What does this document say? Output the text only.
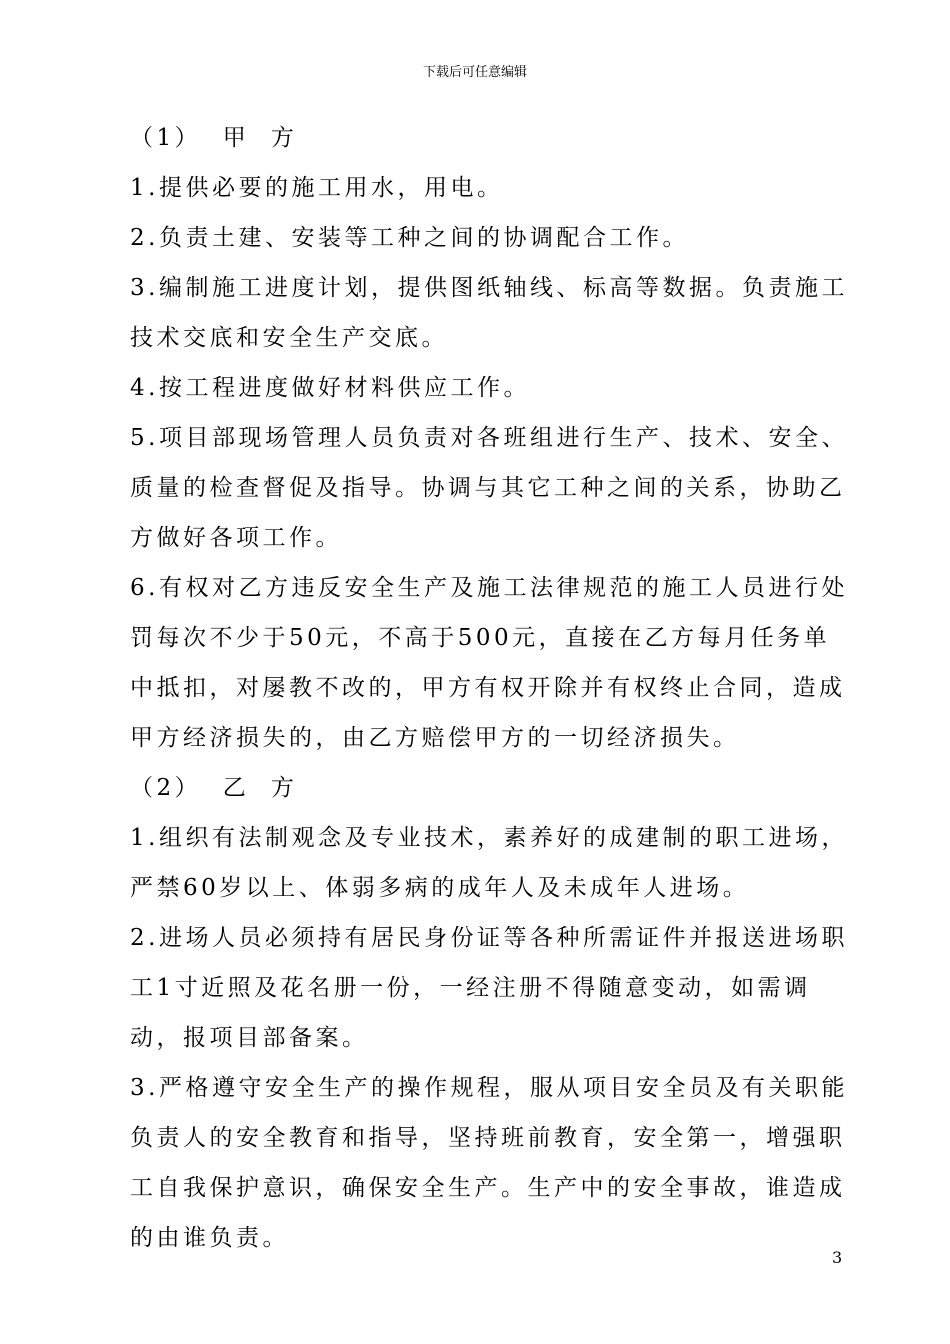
下载后可任意编辑

（1）  甲  方

1.提供必要的施工用水，用电。

2.负责土建、安装等工种之间的协调配合工作。

3.编制施工进度计划，提供图纸轴线、标高等数据。负责施工技术交底和安全生产交底。

4.按工程进度做好材料供应工作。

5.项目部现场管理人员负责对各班组进行生产、技术、安全、质量的检查督促及指导。协调与其它工种之间的关系，协助乙方做好各项工作。

6.有权对乙方违反安全生产及施工法律规范的施工人员进行处罚每次不少于50元，不高于500元，直接在乙方每月任务单中抵扣，对屡教不改的，甲方有权开除并有权终止合同，造成甲方经济损失的，由乙方赔偿甲方的一切经济损失。

（2）  乙  方

1.组织有法制观念及专业技术，素养好的成建制的职工进场，严禁60岁以上、体弱多病的成年人及未成年人进场。

2.进场人员必须持有居民身份证等各种所需证件并报送进场职工1寸近照及花名册一份，一经注册不得随意变动，如需调动，报项目部备案。

3.严格遵守安全生产的操作规程，服从项目安全员及有关职能负责人的安全教育和指导，坚持班前教育，安全第一，增强职工自我保护意识，确保安全生产。生产中的安全事故，谁造成的由谁负责。

3
